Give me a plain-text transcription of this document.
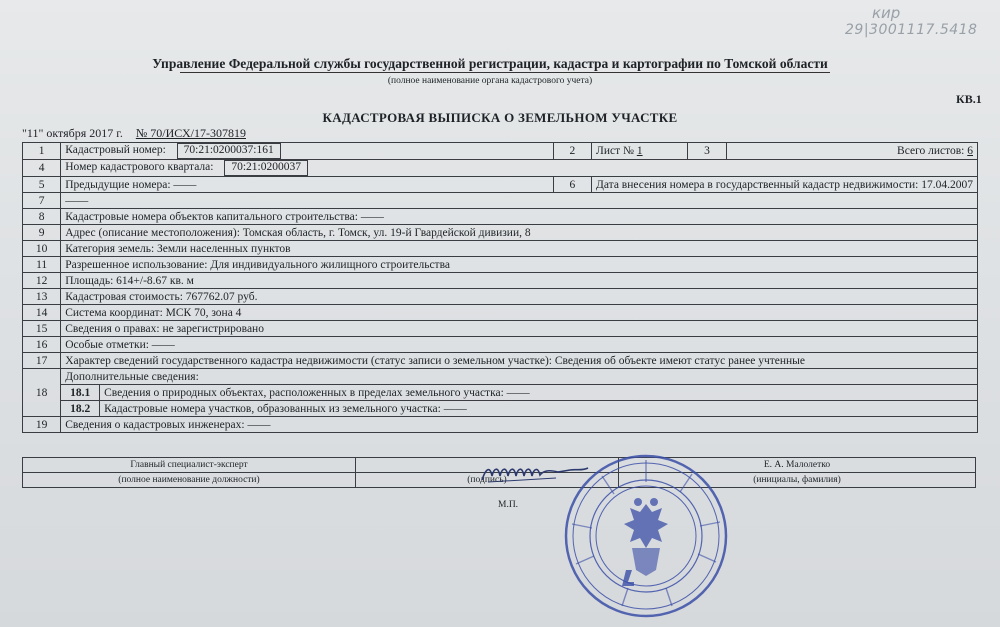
кир
29|3001117.5418
Управление Федеральной службы государственной регистрации, кадастра и картографии по Томской области
(полное наименование органа кадастрового учета)
КВ.1
КАДАСТРОВАЯ ВЫПИСКА О ЗЕМЕЛЬНОМ УЧАСТКЕ
"11" октября 2017 г. № 70/ИСХ/17-307819
1	Кадастровый номер: 70:21:0200037:161		2	Лист № 1	3	Всего листов: 6
4	Номер кадастрового квартала: 70:21:0200037					
5	Предыдущие номера: ——		6	Дата внесения номера в государственный кадастр недвижимости: 17.04.2007		
7	——					
8	Кадастровые номера объектов капитального строительства: ——					
9	Адрес (описание местоположения): Томская область, г. Томск, ул. 19-й Гвардейской дивизии, 8					
10	Категория земель: Земли населенных пунктов					
11	Разрешенное использование: Для индивидуального жилищного строительства					
12	Площадь: 614+/-8.67 кв. м					
13	Кадастровая стоимость: 767762.07 руб.					
14	Система координат: МСК 70, зона 4					
15	Сведения о правах: не зарегистрировано					
16	Особые отметки: ——					
17	Характер сведений государственного кадастра недвижимости (статус записи о земельном участке): Сведения об объекте имеют статус ранее учтенные					
18	Дополнительные сведения:					
	18.1	Сведения о природных объектах, расположенных в пределах земельного участка: ——				
	18.2	Кадастровые номера участков, образованных из земельного участка: ——				
19	Сведения о кадастровых инженерах: ——					
Главный специалист-эксперт		Е. А. Малолетко
(полное наименование должности)	(подпись)	(инициалы, фамилия)
М.П.
